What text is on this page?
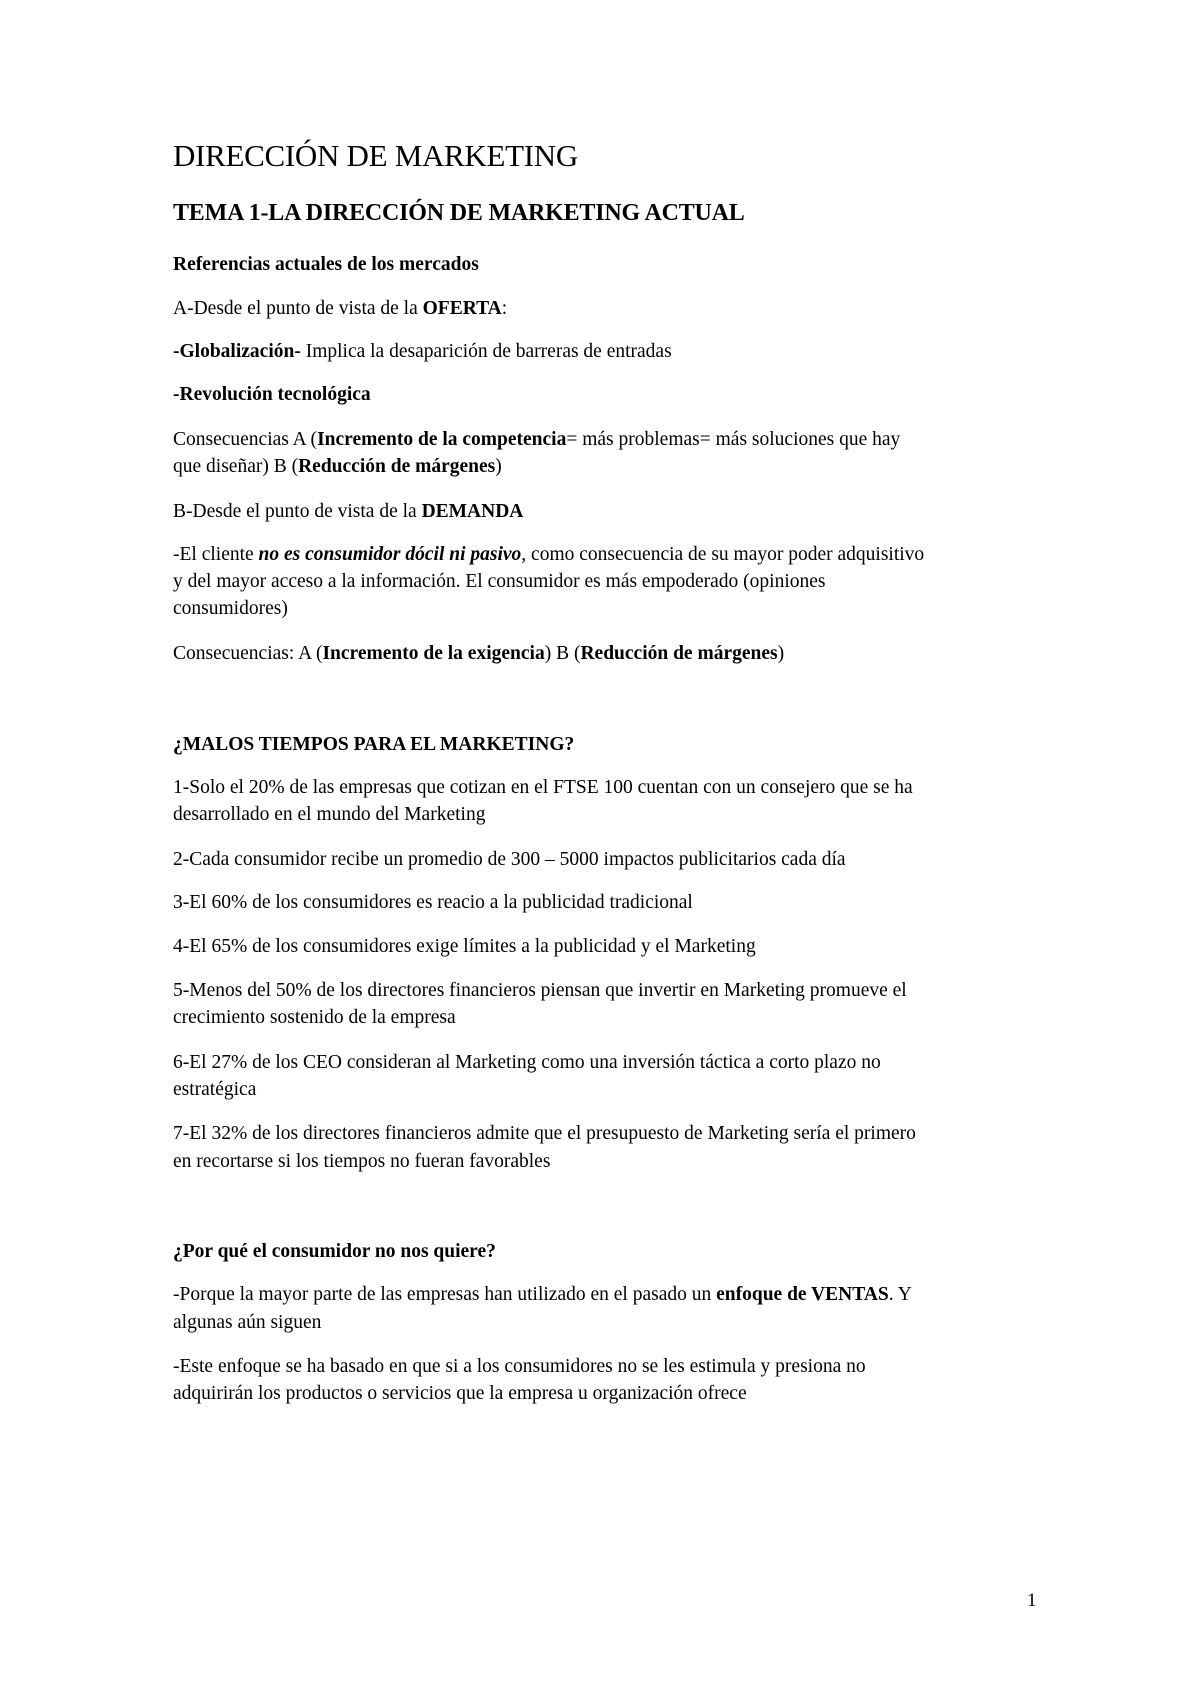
DIRECCIÓN DE MARKETING
TEMA 1-LA DIRECCIÓN DE MARKETING ACTUAL
Referencias actuales de los mercados
A-Desde el punto de vista de la OFERTA:
-Globalización- Implica la desaparición de barreras de entradas
-Revolución tecnológica
Consecuencias A (Incremento de la competencia= más problemas= más soluciones que hay
que diseñar) B (Reducción de márgenes)
B-Desde el punto de vista de la DEMANDA
-El cliente no es consumidor dócil ni pasivo, como consecuencia de su mayor poder adquisitivo
y del mayor acceso a la información. El consumidor es más empoderado (opiniones
consumidores)
Consecuencias: A (Incremento de la exigencia) B (Reducción de márgenes)
¿MALOS TIEMPOS PARA EL MARKETING?
1-Solo el 20% de las empresas que cotizan en el FTSE 100 cuentan con un consejero que se ha
desarrollado en el mundo del Marketing
2-Cada consumidor recibe un promedio de 300 – 5000 impactos publicitarios cada día
3-El 60% de los consumidores es reacio a la publicidad tradicional
4-El 65% de los consumidores exige límites a la publicidad y el Marketing
5-Menos del 50% de los directores financieros piensan que invertir en Marketing promueve el
crecimiento sostenido de la empresa
6-El 27% de los CEO consideran al Marketing como una inversión táctica a corto plazo no
estratégica
7-El 32% de los directores financieros admite que el presupuesto de Marketing sería el primero
en recortarse si los tiempos no fueran favorables
¿Por qué el consumidor no nos quiere?
-Porque la mayor parte de las empresas han utilizado en el pasado un enfoque de VENTAS. Y
algunas aún siguen
-Este enfoque se ha basado en que si a los consumidores no se les estimula y presiona no
adquirirán los productos o servicios que la empresa u organización ofrece
1
